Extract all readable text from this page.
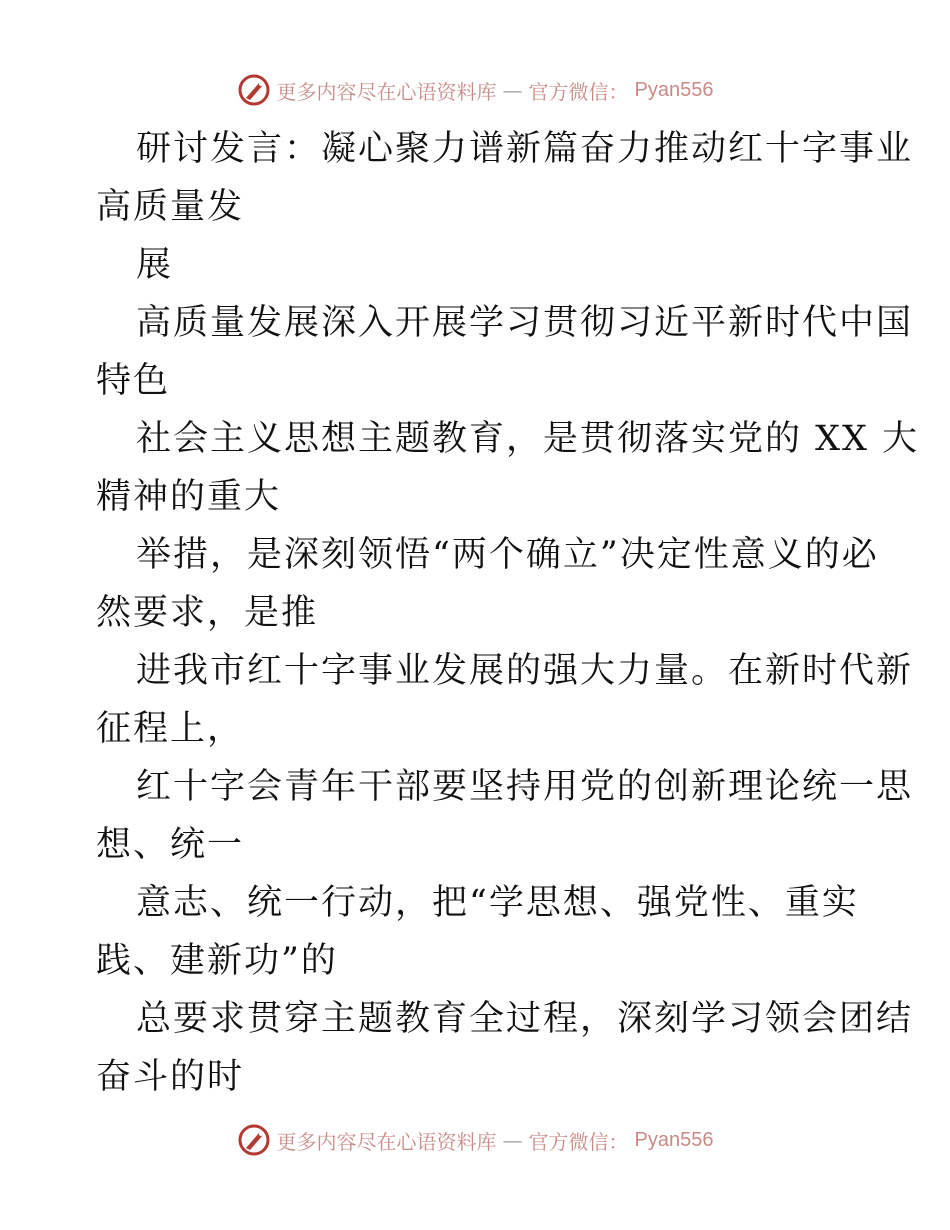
更多内容尽在心语资料库 — 官方微信： Pyan556
研讨发言：凝心聚力谱新篇奋力推动红十字事业
高质量发
展
高质量发展深入开展学习贯彻习近平新时代中国
特色
社会主义思想主题教育，是贯彻落实党的 XX 大
精神的重大
举措，是深刻领悟“两个确立”决定性意义的必
然要求，是推
进我市红十字事业发展的强大力量。在新时代新
征程上，
红十字会青年干部要坚持用党的创新理论统一思
想、统一
意志、统一行动，把“学思想、强党性、重实
践、建新功”的
总要求贯穿主题教育全过程，深刻学习领会团结
奋斗的时
更多内容尽在心语资料库 — 官方微信： Pyan556
